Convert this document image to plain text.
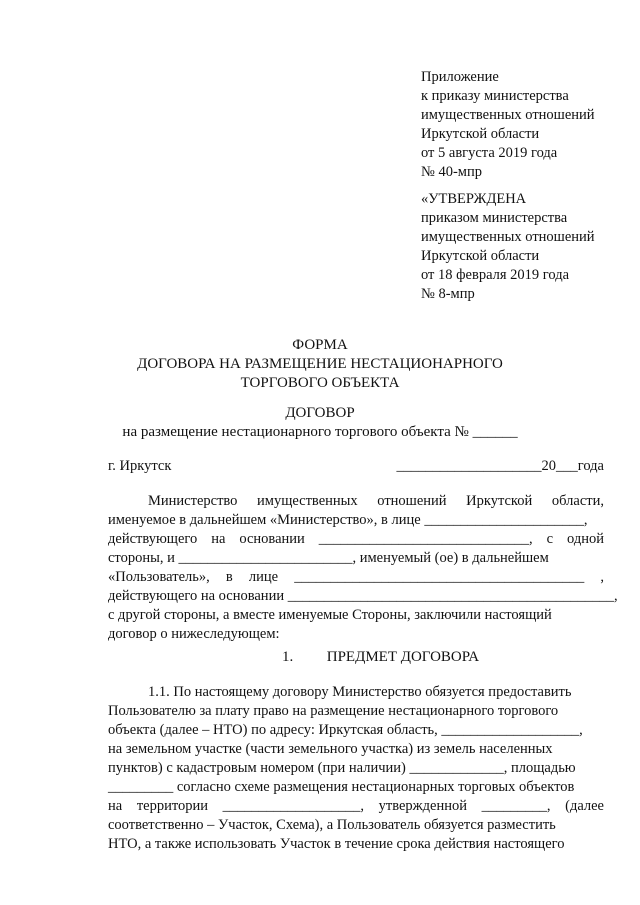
Приложение
к приказу министерства
имущественных отношений
Иркутской области
от 5 августа 2019 года
№ 40-мпр
«УТВЕРЖДЕНА
приказом министерства
имущественных отношений
Иркутской области
от 18 февраля 2019 года
№ 8-мпр
ФОРМА
ДОГОВОРА НА РАЗМЕЩЕНИЕ НЕСТАЦИОНАРНОГО
ТОРГОВОГО ОБЪЕКТА
ДОГОВОР
на размещение нестационарного торгового объекта № ______
г. Иркутск	____________________20___года
Министерство имущественных отношений Иркутской области,
именуемое в дальнейшем «Министерство», в лице ______________________,
действующего на основании _____________________________, с одной
стороны, и ________________________, именуемый (ое) в дальнейшем
«Пользователь», в лице ________________________________________ ,
действующего на основании _____________________________________________,
с другой стороны, а вместе именуемые Стороны, заключили настоящий
договор о нижеследующем:
1. ПРЕДМЕТ ДОГОВОРА
1.1. По настоящему договору Министерство обязуется предоставить
Пользователю за плату право на размещение нестационарного торгового
объекта (далее – НТО) по адресу: Иркутская область, ___________________,
на земельном участке (части земельного участка) из земель населенных
пунктов) с кадастровым номером (при наличии) _____________, площадью
_________ согласно схеме размещения нестационарных торговых объектов
на территории ___________________, утвержденной _________, (далее
соответственно – Участок, Схема), а Пользователь обязуется разместить
НТО, а также использовать Участок в течение срока действия настоящего
